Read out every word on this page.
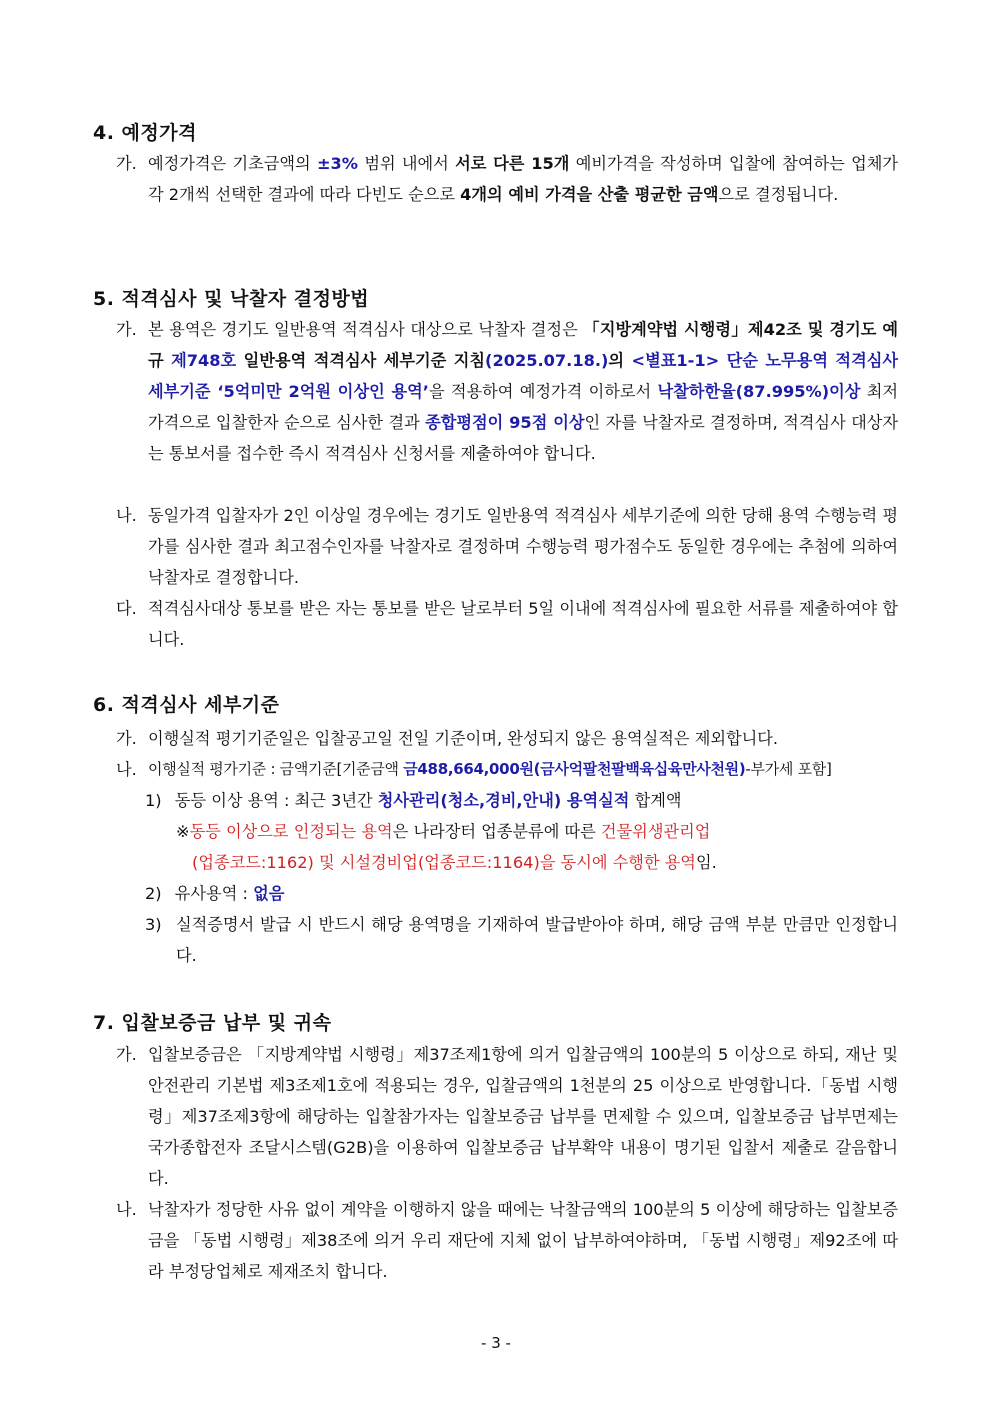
4. 예정가격
가. 예정가격은 기초금액의 ±3% 범위 내에서 서로 다른 15개 예비가격을 작성하며 입찰에 참여하는 업체가 각 2개씩 선택한 결과에 따라 다빈도 순으로 4개의 예비 가격을 산출 평균한 금액으로 결정됩니다.
5. 적격심사 및 낙찰자 결정방법
가. 본 용역은 경기도 일반용역 적격심사 대상으로 낙찰자 결정은 「지방계약법 시행령」제42조 및 경기도 예규 제748호 일반용역 적격심사 세부기준 지침(2025.07.18.)의 <별표1-1> 단순 노무용역 적격심사 세부기준 ‘5억미만 2억원 이상인 용역’을 적용하여 예정가격 이하로서 낙찰하한율(87.995%)이상 최저가격으로 입찰한자 순으로 심사한 결과 종합평점이 95점 이상인 자를 낙찰자로 결정하며, 적격심사 대상자는 통보서를 접수한 즉시 적격심사 신청서를 제출하여야 합니다.
나. 동일가격 입찰자가 2인 이상일 경우에는 경기도 일반용역 적격심사 세부기준에 의한 당해 용역 수행능력 평가를 심사한 결과 최고점수인자를 낙찰자로 결정하며 수행능력 평가점수도 동일한 경우에는 추첨에 의하여 낙찰자로 결정합니다.
다. 적격심사대상 통보를 받은 자는 통보를 받은 날로부터 5일 이내에 적격심사에 필요한 서류를 제출하여야 합니다.
6. 적격심사 세부기준
가. 이행실적 평기기준일은 입찰공고일 전일 기준이며, 완성되지 않은 용역실적은 제외합니다.
나. 이행실적 평가기준 : 금액기준[기준금액 금488,664,000원(금사억팔천팔백육십육만사천원)-부가세 포함]
1) 동등 이상 용역 : 최근 3년간 청사관리(청소,경비,안내) 용역실적 합계액
※동등 이상으로 인정되는 용역은 나라장터 업종분류에 따른 건물위생관리업
(업종코드:1162) 및 시설경비업(업종코드:1164)을 동시에 수행한 용역임.
2) 유사용역 : 없음
3) 실적증명서 발급 시 반드시 해당 용역명을 기재하여 발급받아야 하며, 해당 금액 부분 만큼만 인정합니다.
7. 입찰보증금 납부 및 귀속
가. 입찰보증금은 「지방계약법 시행령」제37조제1항에 의거 입찰금액의 100분의 5 이상으로 하되, 재난 및 안전관리 기본법 제3조제1호에 적용되는 경우, 입찰금액의 1천분의 25 이상으로 반영합니다.「동법 시행령」제37조제3항에 해당하는 입찰참가자는 입찰보증금 납부를 면제할 수 있으며, 입찰보증금 납부면제는 국가종합전자 조달시스템(G2B)을 이용하여 입찰보증금 납부확약 내용이 명기된 입찰서 제출로 갈음합니다.
나. 낙찰자가 정당한 사유 없이 계약을 이행하지 않을 때에는 낙찰금액의 100분의 5 이상에 해당하는 입찰보증금을 「동법 시행령」제38조에 의거 우리 재단에 지체 없이 납부하여야하며, 「동법 시행령」제92조에 따라 부정당업체로 제재조치 합니다.
- 3 -
